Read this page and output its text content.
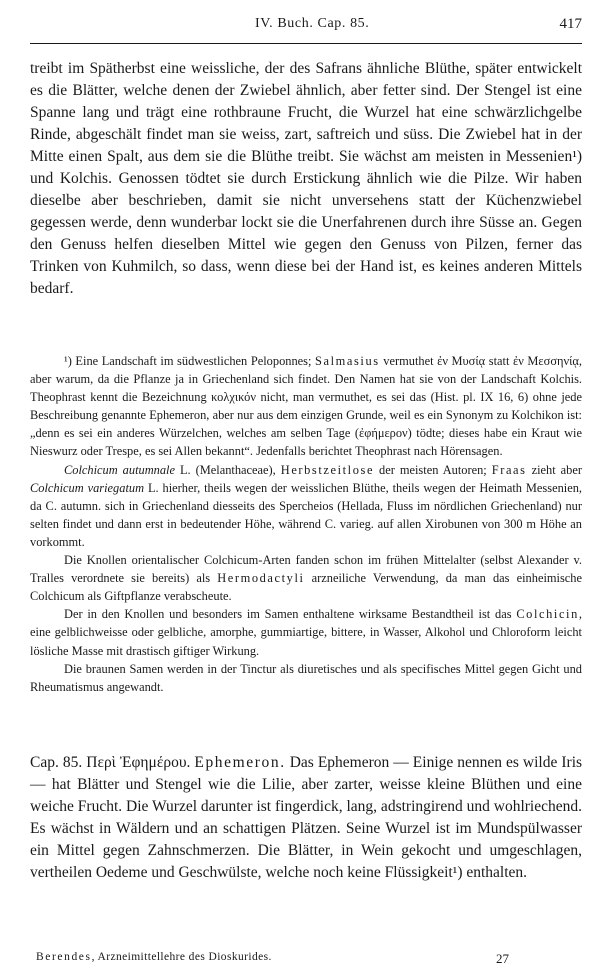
IV. Buch. Cap. 85.	417

treibt im Spätherbst eine weissliche, der des Safrans ähnliche Blüthe, später entwickelt es die Blätter, welche denen der Zwiebel ähnlich, aber fetter sind. Der Stengel ist eine Spanne lang und trägt eine rothbraune Frucht, die Wurzel hat eine schwärzlichgelbe Rinde, abgeschält findet man sie weiss, zart, saftreich und süss. Die Zwiebel hat in der Mitte einen Spalt, aus dem sie die Blüthe treibt. Sie wächst am meisten in Messenien¹) und Kolchis. Genossen tödtet sie durch Erstickung ähnlich wie die Pilze. Wir haben dieselbe aber beschrieben, damit sie nicht unversehens statt der Küchenzwiebel gegessen werde, denn wunderbar lockt sie die Unerfahrenen durch ihre Süsse an. Gegen den Genuss helfen dieselben Mittel wie gegen den Genuss von Pilzen, ferner das Trinken von Kuhmilch, so dass, wenn diese bei der Hand ist, es keines anderen Mittels bedarf.

¹) Eine Landschaft im südwestlichen Peloponnes; Salmasius vermuthet ἐν Μυσίᾳ statt ἐν Μεσσηνίᾳ, aber warum, da die Pflanze ja in Griechenland sich findet. Den Namen hat sie von der Landschaft Kolchis. Theophrast kennt die Bezeichnung κολχικόν nicht, man vermuthet, es sei das (Hist. pl. IX 16, 6) ohne jede Beschreibung genannte Ephemeron, aber nur aus dem einzigen Grunde, weil es ein Synonym zu Kolchikon ist: „denn es sei ein anderes Würzelchen, welches am selben Tage (ἐφήμερον) tödte; dieses habe ein Kraut wie Nieswurz oder Trespe, es sei Allen bekannt“. Jedenfalls berichtet Theophrast nach Hörensagen.

Colchicum autumnale L. (Melanthaceae), Herbstzeitlose der meisten Autoren; Fraas zieht aber Colchicum variegatum L. hierher, theils wegen der weisslichen Blüthe, theils wegen der Heimath Messenien, da C. autumn. sich in Griechenland diesseits des Spercheios (Hellada, Fluss im nördlichen Griechenland) nur selten findet und dann erst in bedeutender Höhe, während C. varieg. auf allen Xirobunen von 300 m Höhe an vorkommt.

Die Knollen orientalischer Colchicum-Arten fanden schon im frühen Mittelalter (selbst Alexander v. Tralles verordnete sie bereits) als Hermodactyli arzneiliche Verwendung, da man das einheimische Colchicum als Giftpflanze verabscheute.

Der in den Knollen und besonders im Samen enthaltene wirksame Bestandtheil ist das Colchicin, eine gelblichweisse oder gelbliche, amorphe, gummiartige, bittere, in Wasser, Alkohol und Chloroform leicht lösliche Masse mit drastisch giftiger Wirkung.

Die braunen Samen werden in der Tinctur als diuretisches und als specifisches Mittel gegen Gicht und Rheumatismus angewandt.

Cap. 85. Περὶ Ἐφημέρου. Ephemeron. Das Ephemeron — Einige nennen es wilde Iris — hat Blätter und Stengel wie die Lilie, aber zarter, weisse kleine Blüthen und eine weiche Frucht. Die Wurzel darunter ist fingerdick, lang, adstringirend und wohlriechend. Es wächst in Wäldern und an schattigen Plätzen. Seine Wurzel ist im Mundspülwasser ein Mittel gegen Zahnschmerzen. Die Blätter, in Wein gekocht und umgeschlagen, vertheilen Oedeme und Geschwülste, welche noch keine Flüssigkeit¹) enthalten.

Berendes, Arzneimittellehre des Dioskurides.	27
